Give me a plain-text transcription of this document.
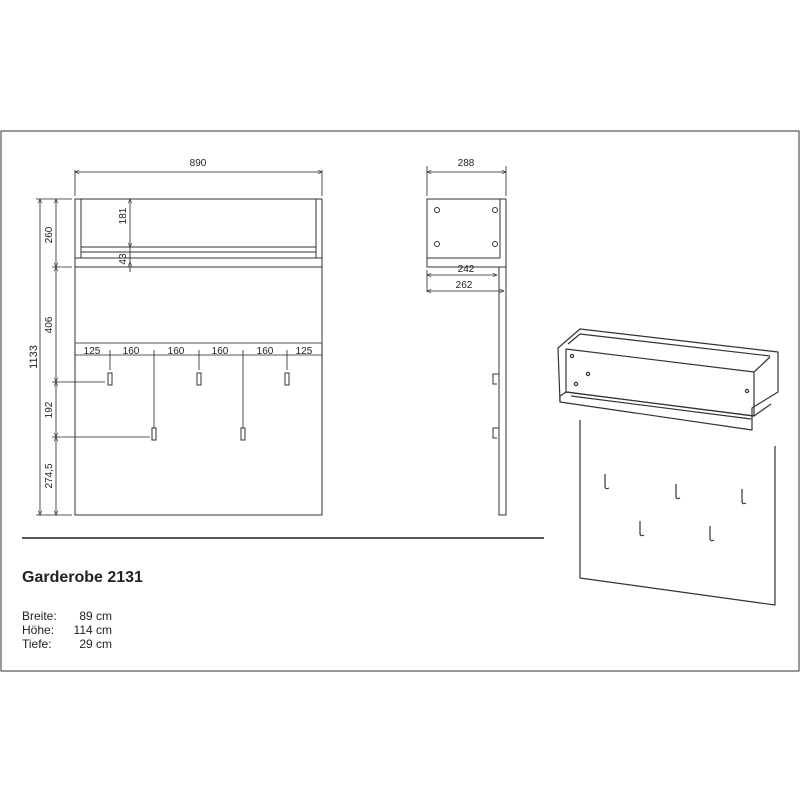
890
1133
260
406
192
274,5
181
43
125 160	160	160	160 125
288
242
262
Garderobe 2131
Breite:	89 cm
Höhe:	114 cm
Tiefe:	29 cm
